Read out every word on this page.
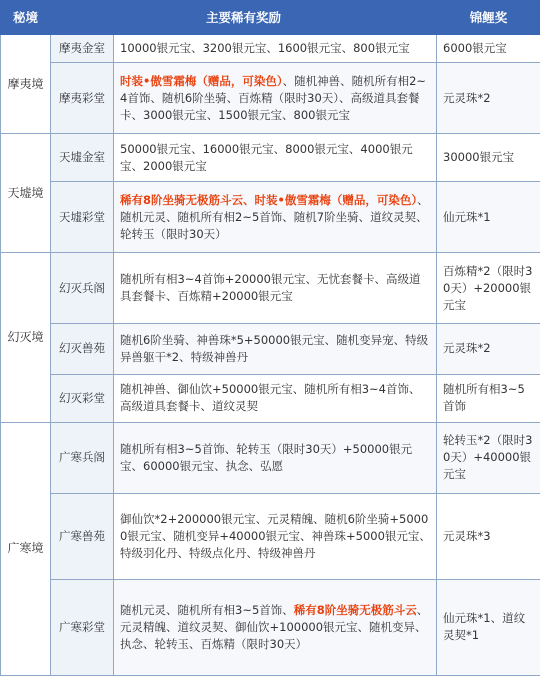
秘境	主要稀有奖励		锦鲤奖
摩夷境	摩夷金室	10000银元宝、3200银元宝、1600银元宝、800银元宝	6000银元宝
	摩夷彩堂	时装•傲雪霜梅（赠品，可染色）、随机神兽、随机所有相2~4首饰、随机6阶坐骑、百炼精（限时30天）、高级道具套餐卡、3000银元宝、1500银元宝、800银元宝	元灵珠*2
天墟境	天墟金室	50000银元宝、16000银元宝、8000银元宝、4000银元宝、2000银元宝	30000银元宝
	天墟彩堂	稀有8阶坐骑无极筋斗云、时装•傲雪霜梅（赠品，可染色）、随机元灵、随机所有相2~5首饰、随机7阶坐骑、道纹灵契、轮转玉（限时30天）	仙元珠*1
幻灭境	幻灭兵阁	随机所有相3~4首饰+20000银元宝、无忧套餐卡、高级道具套餐卡、百炼精+20000银元宝	百炼精*2（限时30天）+20000银元宝
	幻灭兽苑	随机6阶坐骑、神兽珠*5+50000银元宝、随机变异宠、特级异兽躯干*2、特级神兽丹	元灵珠*2
	幻灭彩堂	随机神兽、御仙饮+50000银元宝、随机所有相3~4首饰、高级道具套餐卡、道纹灵契	随机所有相3~5首饰
广寒境	广寒兵阁	随机所有相3~5首饰、轮转玉（限时30天）+50000银元宝、60000银元宝、执念、弘愿	轮转玉*2（限时30天）+40000银元宝
	广寒兽苑	御仙饮*2+200000银元宝、元灵精魄、随机6阶坐骑+50000银元宝、随机变异+40000银元宝、神兽珠+5000银元宝、特级羽化丹、特级点化丹、特级神兽丹	元灵珠*3
	广寒彩堂	随机元灵、随机所有相3~5首饰、稀有8阶坐骑无极筋斗云、元灵精魄、道纹灵契、御仙饮+100000银元宝、随机变异、执念、轮转玉、百炼精（限时30天）	仙元珠*1、道纹灵契*1
